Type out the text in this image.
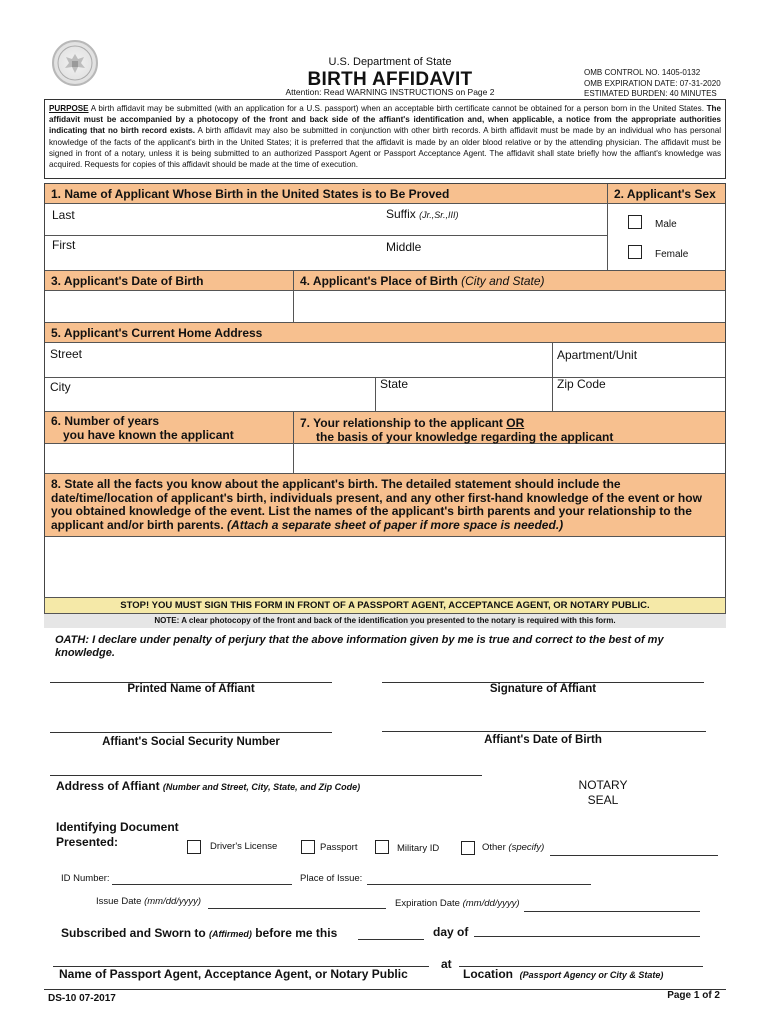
U.S. Department of State
BIRTH AFFIDAVIT
Attention: Read WARNING INSTRUCTIONS on Page 2
OMB CONTROL NO. 1405-0132
OMB EXPIRATION DATE: 07-31-2020
ESTIMATED BURDEN: 40 MINUTES
PURPOSE A birth affidavit may be submitted (with an application for a U.S. passport) when an acceptable birth certificate cannot be obtained for a person born in the United States. The affidavit must be accompanied by a photocopy of the front and back side of the affiant's identification and, when applicable, a notice from the appropriate authorities indicating that no birth record exists. A birth affidavit may also be submitted in conjunction with other birth records. A birth affidavit must be made by an individual who has personal knowledge of the facts of the applicant's birth in the United States; it is preferred that the affidavit is made by an older blood relative or by the attending physician. The affidavit must be signed in front of a notary, unless it is being submitted to an authorized Passport Agent or Passport Acceptance Agent. The affidavit shall state briefly how the affiant's knowledge was acquired. Requests for copies of this affidavit should be made at the time of execution.
1. Name of Applicant Whose Birth in the United States is to Be Proved	2. Applicant's Sex
Last	Suffix (Jr.,Sr.,III)
First	Middle
Male
Female
3. Applicant's Date of Birth	4. Applicant's Place of Birth (City and State)
5. Applicant's Current Home Address
Street	Apartment/Unit
City	State	Zip Code
6. Number of years
you have known the applicant
7. Your relationship to the applicant OR
the basis of your knowledge regarding the applicant
8. State all the facts you know about the applicant's birth. The detailed statement should include the date/time/location of applicant's birth, individuals present, and any other first-hand knowledge of the event or how you obtained knowledge of the event. List the names of the applicant's birth parents and your relationship to the applicant and/or birth parents. (Attach a separate sheet of paper if more space is needed.)
STOP! YOU MUST SIGN THIS FORM IN FRONT OF A PASSPORT AGENT, ACCEPTANCE AGENT, OR NOTARY PUBLIC.
NOTE: A clear photocopy of the front and back of the identification you presented to the notary is required with this form.
OATH: I declare under penalty of perjury that the above information given by me is true and correct to the best of my knowledge.
Printed Name of Affiant	Signature of Affiant
Affiant's Social Security Number	Affiant's Date of Birth
Address of Affiant (Number and Street, City, State, and Zip Code)	NOTARY
SEAL
Identifying Document
Presented:	Driver's License	Passport	Military ID	Other (specify)
ID Number:	Place of Issue:
Issue Date (mm/dd/yyyy)	Expiration Date (mm/dd/yyyy)
Subscribed and Sworn to (Affirmed) before me this	day of
at
Name of Passport Agent, Acceptance Agent, or Notary Public	Location (Passport Agency or City & State)
DS-10 07-2017	Page 1 of 2
